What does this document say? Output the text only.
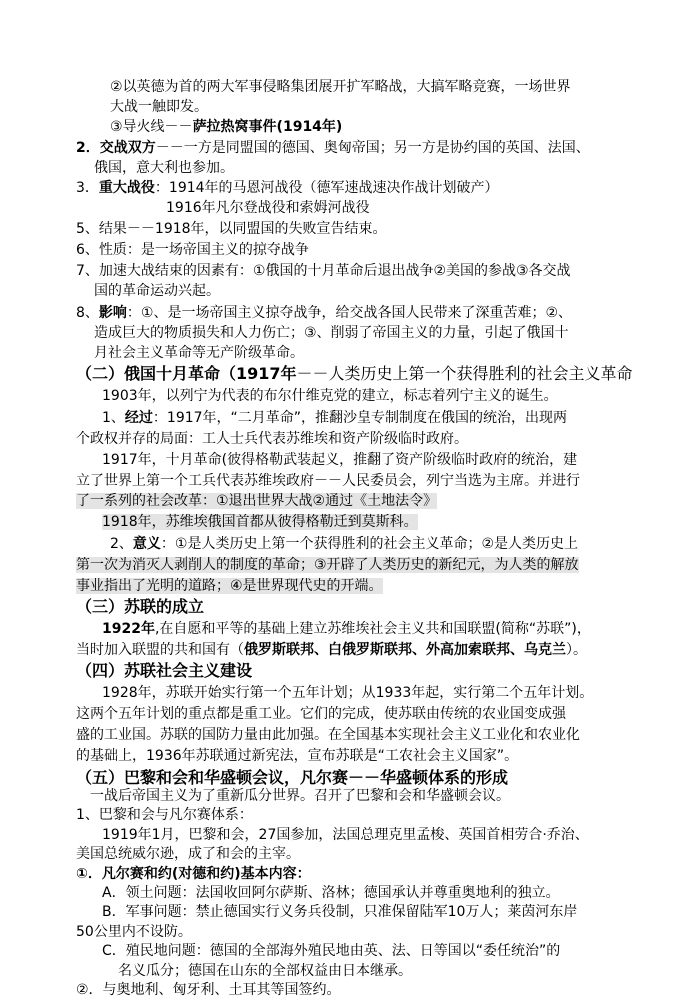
②以英德为首的两大军事侵略集团展开扩军略战，大搞军略竞赛，一场世界
大战一触即发。
③导火线－－萨拉热窝事件(1914年)
2．交战双方－－一方是同盟国的德国、奥匈帝国；另一方是协约国的英国、法国、
俄国，意大利也参加。
3．重大战役：1914年的马恩河战役（德军速战速决作战计划破产）
1916年凡尔登战役和索姆河战役
5、结果－－1918年，以同盟国的失败宣告结束。
6、性质：是一场帝国主义的掠夺战争
7、加速大战结束的因素有：①俄国的十月革命后退出战争②美国的参战③各交战
国的革命运动兴起。
8、影响：①、是一场帝国主义掠夺战争，给交战各国人民带来了深重苦难；②、
造成巨大的物质损失和人力伤亡；③、削弱了帝国主义的力量，引起了俄国十
月社会主义革命等无产阶级革命。
（二）俄国十月革命（1917年－－人类历史上第一个获得胜利的社会主义革命
1903年，以列宁为代表的布尔什维克党的建立，标志着列宁主义的诞生。
1、经过：1917年，“二月革命”，推翻沙皇专制制度在俄国的统治，出现两
个政权并存的局面：工人士兵代表苏维埃和资产阶级临时政府。
1917年，十月革命(彼得格勒武装起义，推翻了资产阶级临时政府的统治，建
立了世界上第一个工兵代表苏维埃政府－－人民委员会，列宁当选为主席。并进行
了一系列的社会改革：①退出世界大战②通过《土地法令》
1918年，苏维埃俄国首都从彼得格勒迁到莫斯科。
2、意义：①是人类历史上第一个获得胜利的社会主义革命；②是人类历史上
第一次为消灭人剥削人的制度的革命；③开辟了人类历史的新纪元，为人类的解放
事业指出了光明的道路；④是世界现代史的开端。
（三）苏联的成立
1922年,在自愿和平等的基础上建立苏维埃社会主义共和国联盟(简称“苏联”)，
当时加入联盟的共和国有（俄罗斯联邦、白俄罗斯联邦、外高加索联邦、乌克兰）。
（四）苏联社会主义建设
1928年，苏联开始实行第一个五年计划；从1933年起，实行第二个五年计划。
这两个五年计划的重点都是重工业。它们的完成，使苏联由传统的农业国变成强
盛的工业国。苏联的国防力量由此加强。在全国基本实现社会主义工业化和农业化
的基础上，1936年苏联通过新宪法，宣布苏联是“工农社会主义国家”。
（五）巴黎和会和华盛顿会议，凡尔赛－－华盛顿体系的形成
一战后帝国主义为了重新瓜分世界。召开了巴黎和会和华盛顿会议。
1、巴黎和会与凡尔赛体系：
1919年1月，巴黎和会，27国参加，法国总理克里孟梭、英国首相劳合·乔治、
美国总统威尔逊，成了和会的主宰。
①．凡尔赛和约(对德和约)基本内容：
A．领土问题：法国收回阿尔萨斯、洛林；德国承认并尊重奥地利的独立。
B．军事问题：禁止德国实行义务兵役制，只准保留陆军10万人；莱茵河东岸
50公里内不设防。
C．殖民地问题：德国的全部海外殖民地由英、法、日等国以“委任统治”的
名义瓜分；德国在山东的全部权益由日本继承。
②．与奥地利、匈牙利、土耳其等国签约。
